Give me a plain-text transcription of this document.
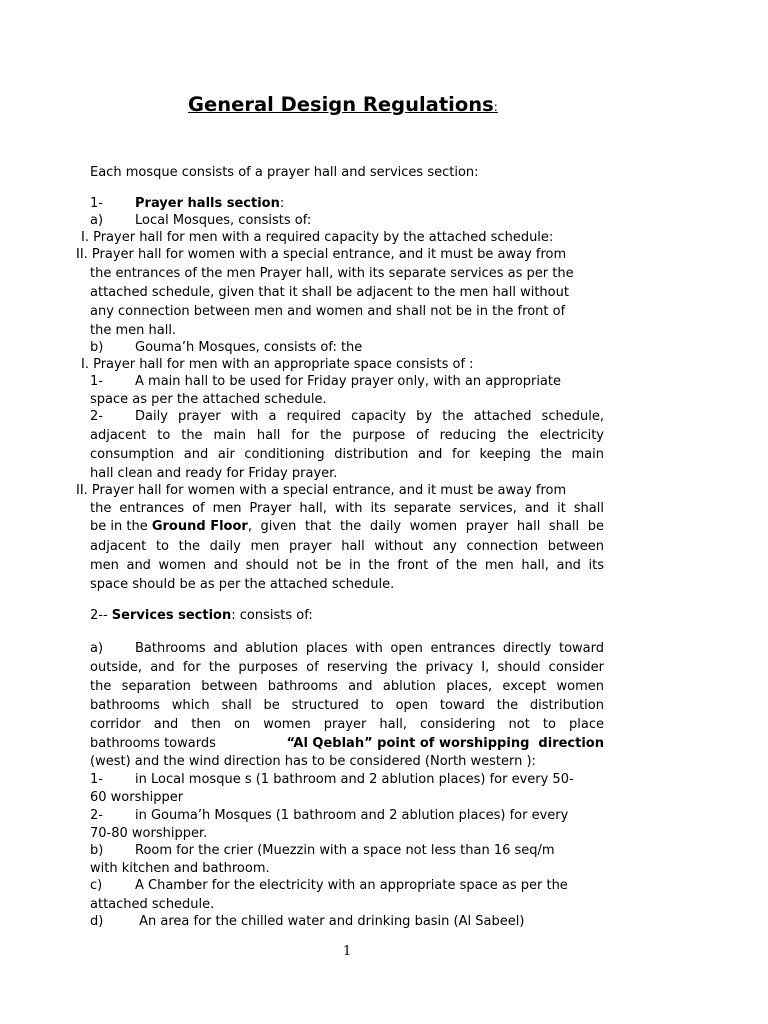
General Design Regulations:
Each mosque consists of a prayer hall and services section:
1- Prayer halls section:
a) Local Mosques, consists of:
I. Prayer hall for men with a required capacity by the attached schedule:
II. Prayer hall for women with a special entrance, and it must be away from
the entrances of the men Prayer hall, with its separate services as per the
attached schedule, given that it shall be adjacent to the men hall without
any connection between men and women and shall not be in the front of
the men hall.
b) Gouma’h Mosques, consists of: the
I. Prayer hall for men with an appropriate space consists of :
1- A main hall to be used for Friday prayer only, with an appropriate
space as per the attached schedule.
2- Daily prayer with a required capacity by the attached schedule,
adjacent to the main hall for the purpose of reducing the electricity
consumption and air conditioning distribution and for keeping the main
hall clean and ready for Friday prayer.
II. Prayer hall for women with a special entrance, and it must be away from
the entrances of men Prayer hall, with its separate services, and it shall
be in the Ground Floor , given that the daily women prayer hall shall be
adjacent to the daily men prayer hall without any connection between
men and women and should not be in the front of the men hall, and its
space should be as per the attached schedule.
2-- Services section: consists of:
a) Bathrooms and ablution places with open entrances directly toward
outside, and for the purposes of reserving the privacy I, should consider
the separation between bathrooms and ablution places, except women
bathrooms which shall be structured to open toward the distribution
corridor and then on women prayer hall, considering not to place
bathrooms towards	“Al Qeblah” point of worshipping  direction
(west) and the wind direction has to be considered (North western ):
1- in Local mosque s (1 bathroom and 2 ablution places) for every 50-
60 worshipper
2- in Gouma’h Mosques (1 bathroom and 2 ablution places) for every
70-80 worshipper.
b) Room for the crier (Muezzin with a space not less than 16 seq/m
with kitchen and bathroom.
c)	A Chamber for the electricity with an appropriate space as per the
attached schedule.
d) An area for the chilled water and drinking basin (Al Sabeel)
1
